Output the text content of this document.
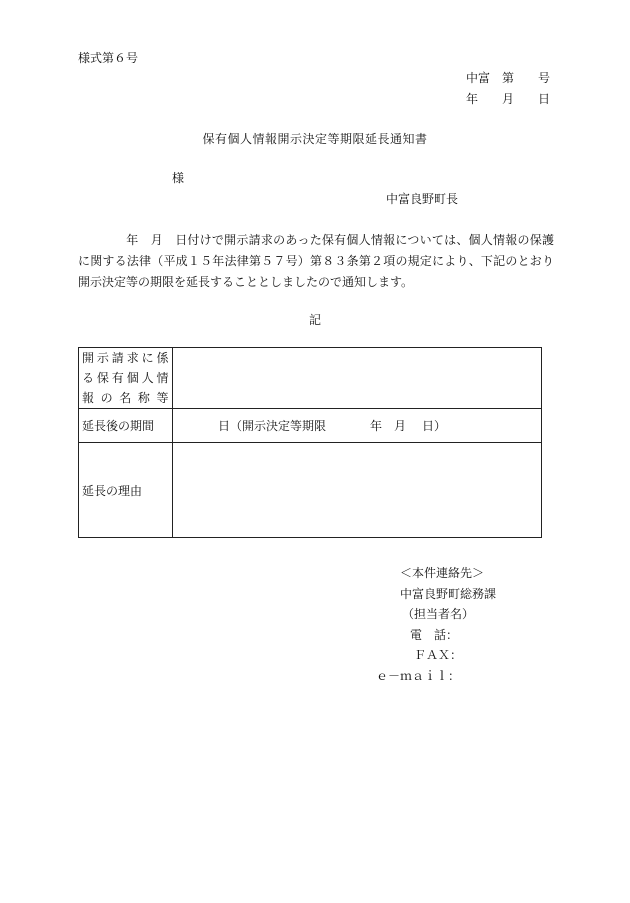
様式第６号
中富　第　　号
年　　月　　日
保有個人情報開示決定等期限延長通知書
様
中富良野町長
年　月　日付けで開示請求のあった保有個人情報については、個人情報の保護に関する法律（平成１５年法律第５７号）第８３条第２項の規定により、下記のとおり開示決定等の期限を延長することとしましたので通知します。
記
開示請求に係る保有個人情報の名称等	
延長後の期間	日（開示決定等期限 年　月 日）
延長の理由	
＜本件連絡先＞
中富良野町総務課
（担当者名）
電　話：
ＦＡＸ：
ｅ－ｍａｉｌ：
